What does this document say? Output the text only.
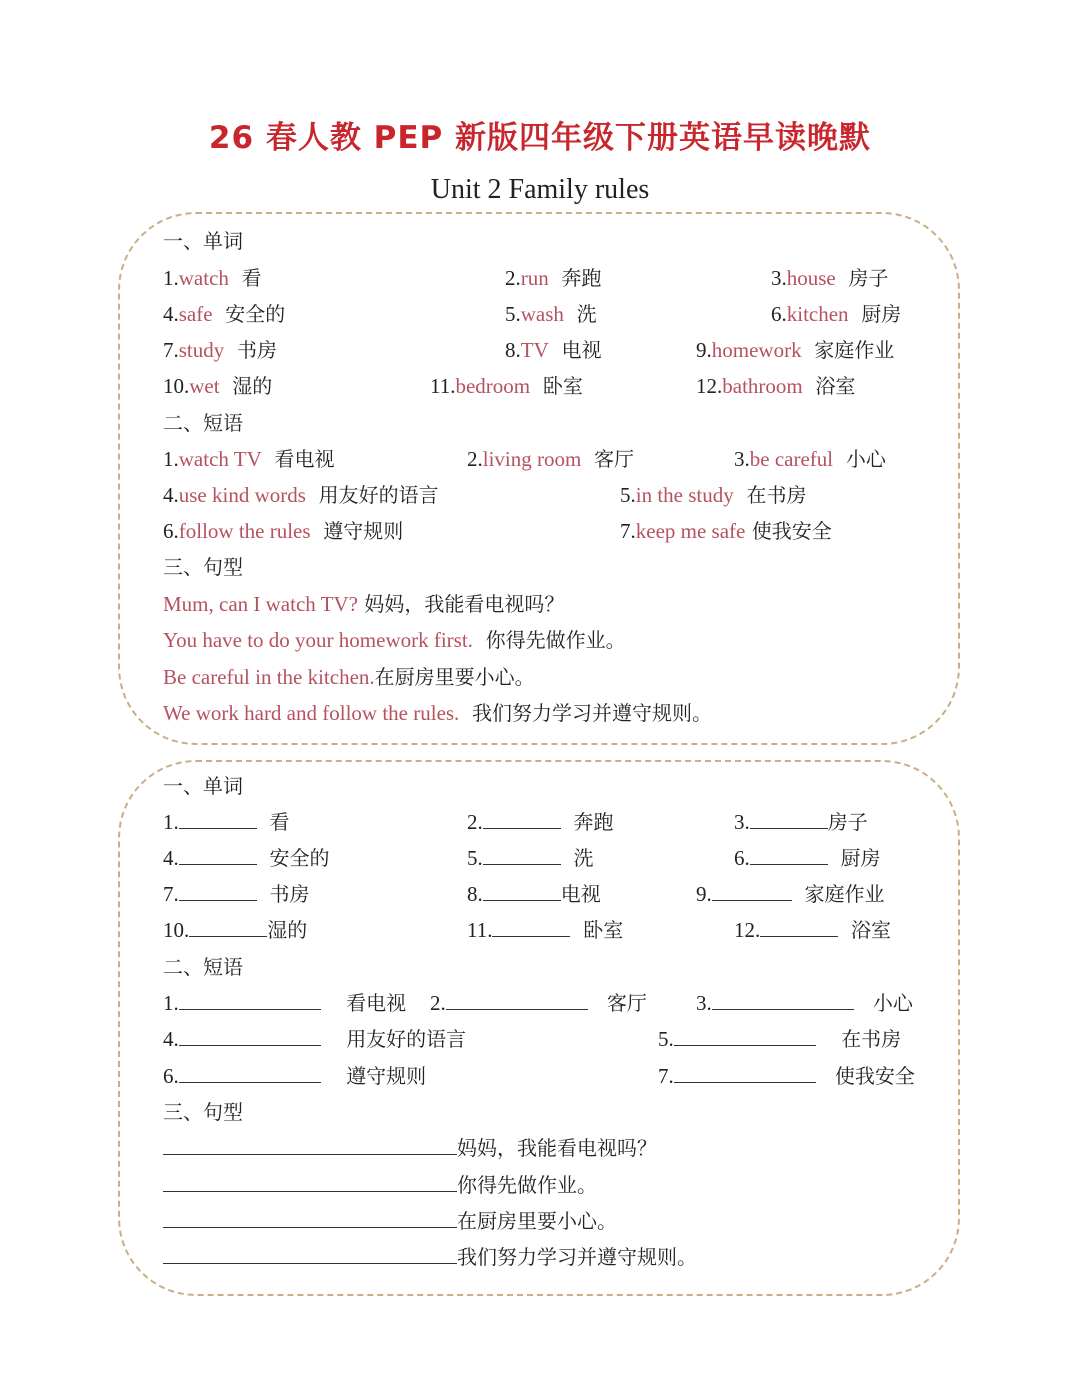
26 春人教 PEP 新版四年级下册英语早读晚默
Unit 2 Family rules
一、单词
1.watch 看	2.run 奔跑	3.house 房子
4.safe 安全的	5.wash 洗	6.kitchen 厨房
7.study 书房	8.TV 电视	9.homework 家庭作业
10.wet 湿的	11.bedroom 卧室	12.bathroom 浴室
二、短语
1.watch TV 看电视	2.living room 客厅	3.be careful 小心
4.use kind words 用友好的语言	5.in the study 在书房
6.follow the rules 遵守规则	7.keep me safe 使我安全
三、句型
Mum, can I watch TV? 妈妈，我能看电视吗？
You have to do your homework first. 你得先做作业。
Be careful in the kitchen.在厨房里要小心。
We work hard and follow the rules. 我们努力学习并遵守规则。
一、单词
1.	看	2.	奔跑	3.	房子
4.	安全的	5.	洗	6.	厨房
7.	书房	8.	电视	9.	家庭作业
10.	湿的	11.	卧室	12.	浴室
二、短语
1.	看电视 2.	客厅 3.	小心
4.	用友好的语言	5.	在书房
6.	遵守规则	7.	使我安全
三、句型
妈妈，我能看电视吗？
你得先做作业。
在厨房里要小心。
我们努力学习并遵守规则。
